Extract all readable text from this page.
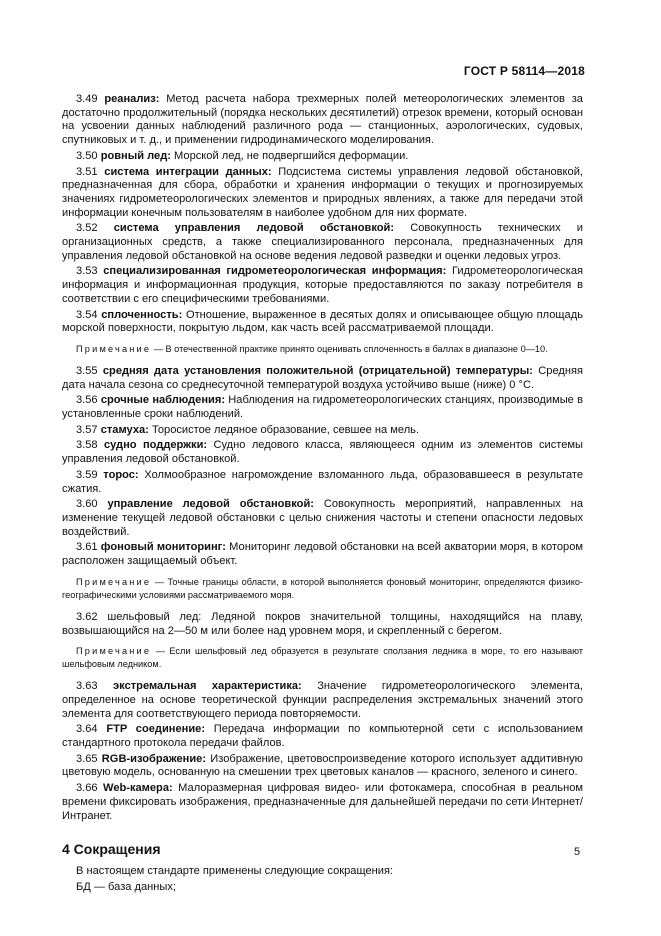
ГОСТ Р 58114—2018
3.49 реанализ: Метод расчета набора трехмерных полей метеорологических элементов за достаточно продолжительный (порядка нескольких десятилетий) отрезок времени, который основан на усвоении данных наблюдений различного рода — станционных, аэрологических, судовых, спутниковых и т. д., и применении гидродинамического моделирования.
3.50 ровный лед: Морской лед, не подвергшийся деформации.
3.51 система интеграции данных: Подсистема системы управления ледовой обстановкой, предназначенная для сбора, обработки и хранения информации о текущих и прогнозируемых значениях гидрометеорологических элементов и природных явлениях, а также для передачи этой информации конечным пользователям в наиболее удобном для них формате.
3.52 система управления ледовой обстановкой: Совокупность технических и организационных средств, а также специализированного персонала, предназначенных для управления ледовой обстановкой на основе ведения ледовой разведки и оценки ледовых угроз.
3.53 специализированная гидрометеорологическая информация: Гидрометеорологическая информация и информационная продукция, которые предоставляются по заказу потребителя в соответствии с его специфическими требованиями.
3.54 сплоченность: Отношение, выраженное в десятых долях и описывающее общую площадь морской поверхности, покрытую льдом, как часть всей рассматриваемой площади.
Примечание — В отечественной практике принято оценивать сплоченность в баллах в диапазоне 0—10.
3.55 средняя дата установления положительной (отрицательной) температуры: Средняя дата начала сезона со среднесуточной температурой воздуха устойчиво выше (ниже) 0 °C.
3.56 срочные наблюдения: Наблюдения на гидрометеорологических станциях, производимые в установленные сроки наблюдений.
3.57 стамуха: Торосистое ледяное образование, севшее на мель.
3.58 судно поддержки: Судно ледового класса, являющееся одним из элементов системы управления ледовой обстановкой.
3.59 торос: Холмообразное нагромождение взломанного льда, образовавшееся в результате сжатия.
3.60 управление ледовой обстановкой: Совокупность мероприятий, направленных на изменение текущей ледовой обстановки с целью снижения частоты и степени опасности ледовых воздействий.
3.61 фоновый мониторинг: Мониторинг ледовой обстановки на всей акватории моря, в котором расположен защищаемый объект.
Примечание — Точные границы области, в которой выполняется фоновый мониторинг, определяются физико-географическими условиями рассматриваемого моря.
3.62 шельфовый лед: Ледяной покров значительной толщины, находящийся на плаву, возвышающийся на 2—50 м или более над уровнем моря, и скрепленный с берегом.
Примечание — Если шельфовый лед образуется в результате сползания ледника в море, то его называют шельфовым ледником.
3.63 экстремальная характеристика: Значение гидрометеорологического элемента, определенное на основе теоретической функции распределения экстремальных значений этого элемента для соответствующего периода повторяемости.
3.64 FTP соединение: Передача информации по компьютерной сети с использованием стандартного протокола передачи файлов.
3.65 RGB-изображение: Изображение, цветовоспроизведение которого использует аддитивную цветовую модель, основанную на смешении трех цветовых каналов — красного, зеленого и синего.
3.66 Web-камера: Малоразмерная цифровая видео- или фотокамера, способная в реальном времени фиксировать изображения, предназначенные для дальнейшей передачи по сети Интернет/Интранет.
4 Сокращения
В настоящем стандарте применены следующие сокращения:
БД — база данных;
5
